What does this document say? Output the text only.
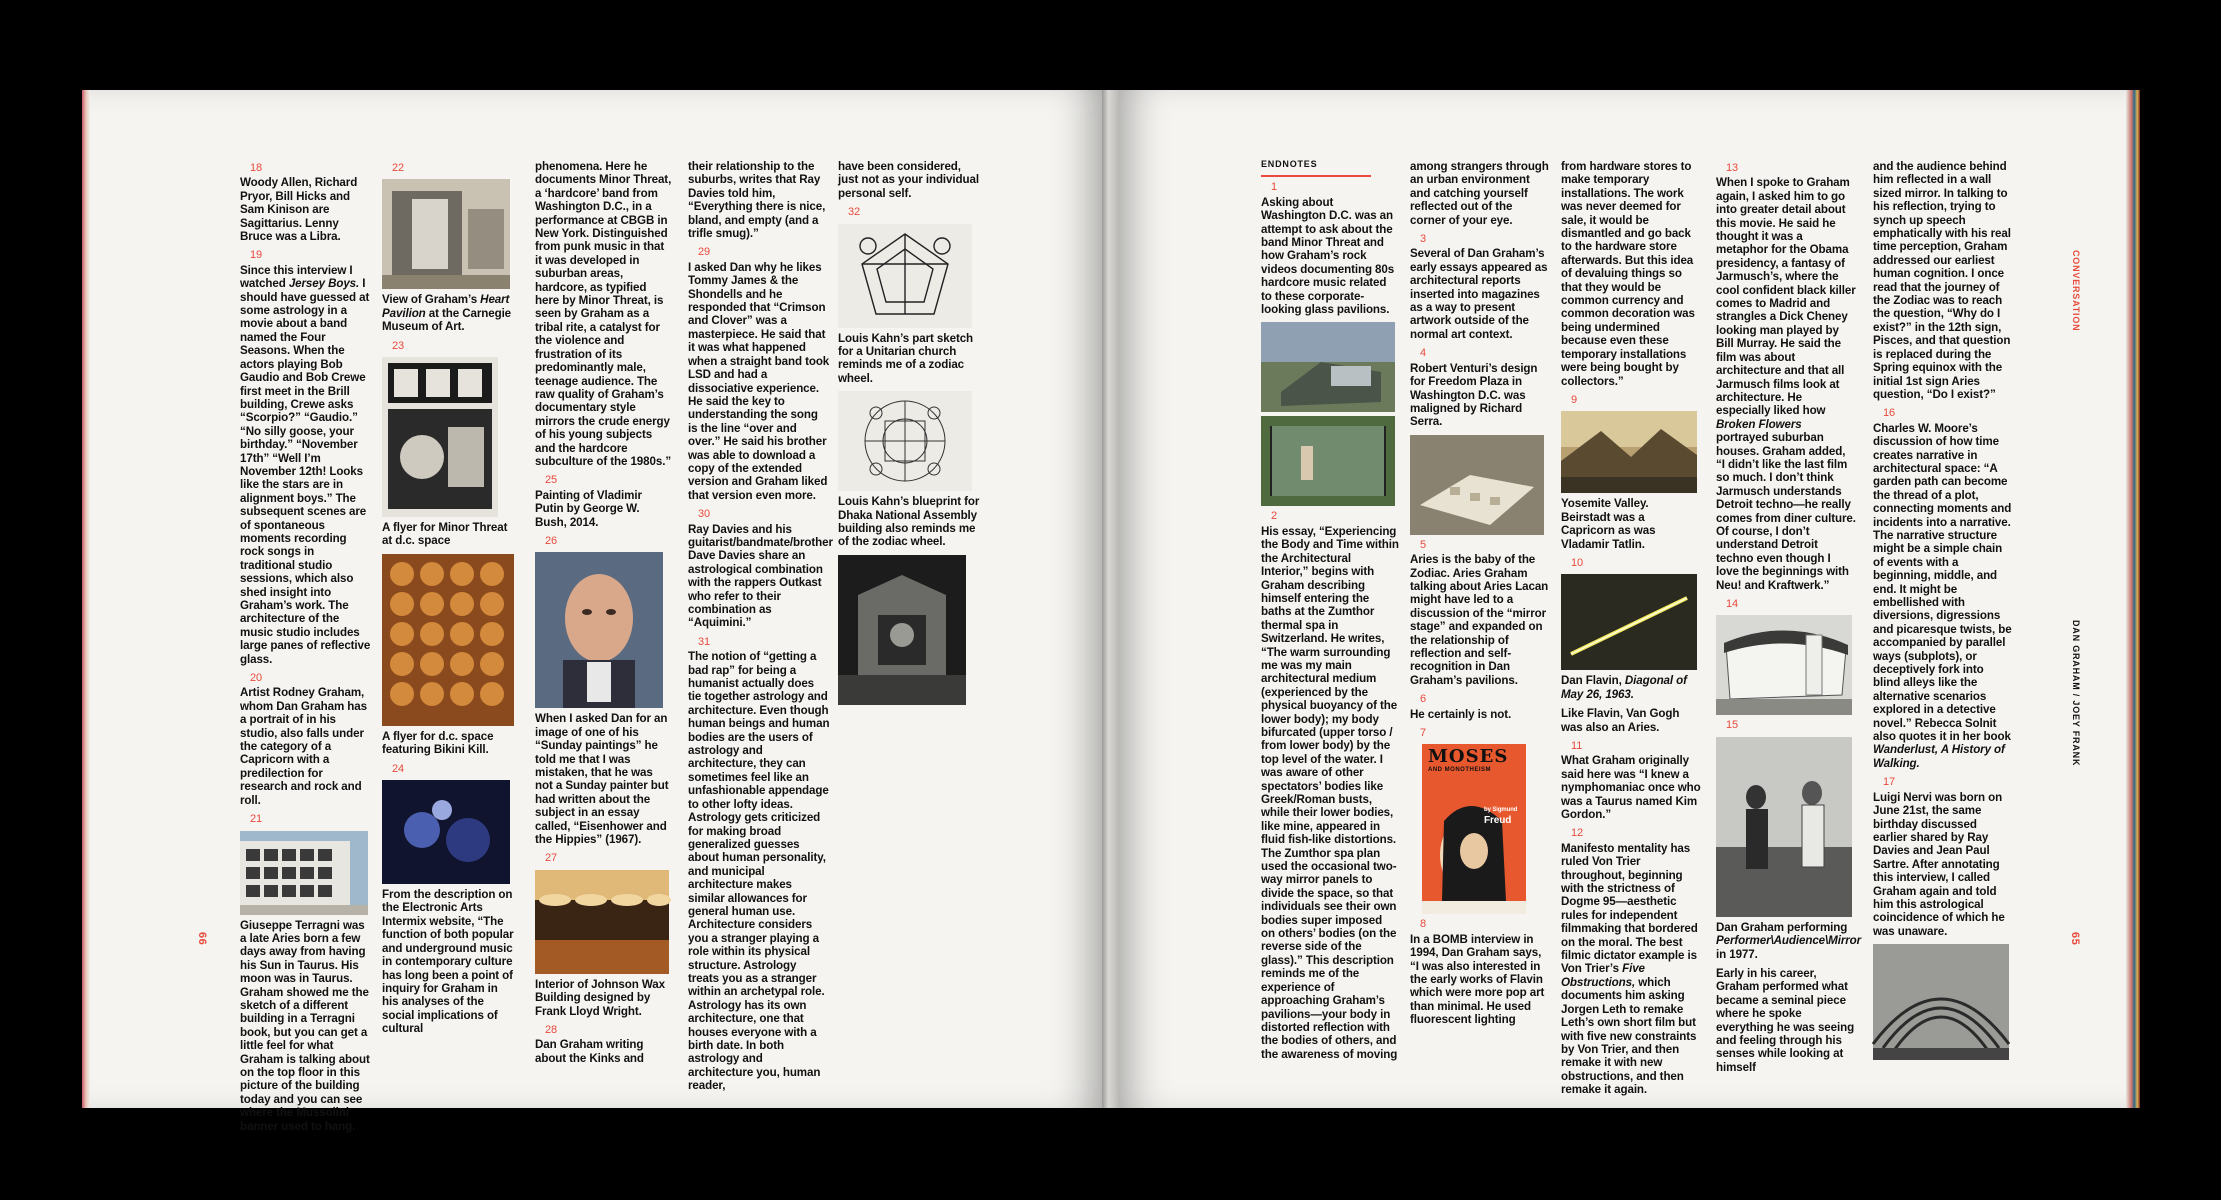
66
18

Woody Allen, Richard Pryor, Bill Hicks and Sam Kinison are Sagittarius. Lenny Bruce was a Libra.

19

Since this interview I watched Jersey Boys. I should have guessed at some astrology in a movie about a band named the Four Seasons. When the actors playing Bob Gaudio and Bob Crewe first meet in the Brill building, Crewe asks “Scorpio?” “Gaudio.” “No silly goose, your birthday.” “November 17th” “Well I’m November 12th! Looks like the stars are in alignment boys.” The subsequent scenes are of spontaneous moments recording rock songs in traditional studio sessions, which also shed insight into Graham’s work. The architecture of the music studio includes large panes of reflective glass.

20

Artist Rodney Graham, whom Dan Graham has a portrait of in his studio, also falls under the category of a Capricorn with a predilection for research and rock and roll.

21

Giuseppe Terragni was a late Aries born a few days away from having his Sun in Taurus. His moon was in Taurus. Graham showed me the sketch of a different building in a Terragni book, but you can get a little feel for what Graham is talking about on the top floor in this picture of the building today and you can see where the Mussolini banner used to hang.

22

View of Graham’s Heart Pavilion at the Carnegie Museum of Art.

23

A flyer for Minor Threat at d.c. space

A flyer for d.c. space featuring Bikini Kill.

24

From the description on the Electronic Arts Intermix website, “The function of both popular and underground music in contemporary culture has long been a point of inquiry for Graham in his analyses of the social implications of cultural

phenomena. Here he documents Minor Threat, a ‘hardcore’ band from Washington D.C., in a performance at CBGB in New York. Distinguished from punk music in that it was developed in suburban areas, hardcore, as typified here by Minor Threat, is seen by Graham as a tribal rite, a catalyst for the violence and frustration of its predominantly male, teenage audience. The raw quality of Graham’s documentary style mirrors the crude energy of his young subjects and the hardcore subculture of the 1980s.”

25

Painting of Vladimir Putin by George W. Bush, 2014.

26

When I asked Dan for an image of one of his “Sunday paintings” he told me that I was mistaken, that he was not a Sunday painter but had written about the subject in an essay called, “Eisenhower and the Hippies” (1967).

27

Interior of Johnson Wax Building designed by Frank Lloyd Wright.

28

Dan Graham writing about the Kinks and

their relationship to the suburbs, writes that Ray Davies told him, “Everything there is nice, bland, and empty (and a trifle smug).”

29

I asked Dan why he likes Tommy James & the Shondells and he responded that “Crimson and Clover” was a masterpiece. He said that it was what happened when a straight band took LSD and had a dissociative experience. He said the key to understanding the song is the line “over and over.” He said his brother was able to download a copy of the extended version and Graham liked that version even more.

30

Ray Davies and his guitarist/bandmate/brother Dave Davies share an astrological combination with the rappers Outkast who refer to their combination as “Aquimini.”

31

The notion of “getting a bad rap” for being a humanist actually does tie together astrology and architecture. Even though human beings and human bodies are the users of astrology and architecture, they can sometimes feel like an unfashionable appendage to other lofty ideas. Astrology gets criticized for making broad generalized guesses about human personality, and municipal architecture makes similar allowances for general human use. Architecture considers you a stranger playing a role within its physical structure. Astrology treats you as a stranger within an archetypal role. Astrology has its own architecture, one that houses everyone with a birth date. In both astrology and architecture you, human reader,

have been considered, just not as your individual personal self.

32

Louis Kahn’s part sketch for a Unitarian church reminds me of a zodiac wheel.

Louis Kahn’s blueprint for Dhaka National Assembly building also reminds me of the zodiac wheel.

CONVERSATION
DAN GRAHAM / JOEY FRANK
65
ENDNOTES
1

Asking about Washington D.C. was an attempt to ask about the band Minor Threat and how Graham’s rock videos documenting 80s hardcore music related to these corporate-looking glass pavilions.

2

His essay, “Experiencing the Body and Time within the Architectural Interior,” begins with Graham describing himself entering the baths at the Zumthor thermal spa in Switzerland. He writes, “The warm surrounding me was my main architectural medium (experienced by the physical buoyancy of the lower body); my body bifurcated (upper torso / from lower body) by the top level of the water. I was aware of other spectators’ bodies like Greek/Roman busts, while their lower bodies, like mine, appeared in fluid fish-like distortions. The Zumthor spa plan used the occasional two-way mirror panels to divide the space, so that individuals see their own bodies super imposed on others’ bodies (on the reverse side of the glass).” This description reminds me of the experience of approaching Graham’s pavilions—your body in distorted reflection with the bodies of others, and the awareness of moving

among strangers through an urban environment and catching yourself reflected out of the corner of your eye.

3

Several of Dan Graham’s early essays appeared as architectural reports inserted into magazines as a way to present artwork outside of the normal art context.

4

Robert Venturi’s design for Freedom Plaza in Washington D.C. was maligned by Richard Serra.

5

Aries is the baby of the Zodiac. Aries Graham talking about Aries Lacan might have led to a discussion of the “mirror stage” and expanded on the relationship of reflection and self-recognition in Dan Graham’s pavilions.

6

He certainly is not.

7
MOSES
AND MONOTHEISM
by Sigmund
Freud
8

In a BOMB interview in 1994, Dan Graham says, “I was also interested in the early works of Flavin which were more pop art than minimal. He used fluorescent lighting

from hardware stores to make temporary installations. The work was never deemed for sale, it would be dismantled and go back to the hardware store afterwards. But this idea of devaluing things so that they would be common currency and common decoration was being undermined because even these temporary installations were being bought by collectors.”

9

Yosemite Valley. Beirstadt was a Capricorn as was Vladamir Tatlin.

10

Dan Flavin, Diagonal of May 26, 1963.

Like Flavin, Van Gogh was also an Aries.

11

What Graham originally said here was “I knew a nymphomaniac once who was a Taurus named Kim Gordon.”

12

Manifesto mentality has ruled Von Trier throughout, beginning with the strictness of Dogme 95—aesthetic rules for independent filmmaking that bordered on the moral. The best filmic dictator example is Von Trier’s Five Obstructions, which documents him asking Jorgen Leth to remake Leth’s own short film but with five new constraints by Von Trier, and then remake it with new obstructions, and then remake it again.

13

When I spoke to Graham again, I asked him to go into greater detail about this movie. He said he thought it was a metaphor for the Obama presidency, a fantasy of Jarmusch’s, where the cool confident black killer comes to Madrid and strangles a Dick Cheney looking man played by Bill Murray. He said the film was about architecture and that all Jarmusch films look at architecture. He especially liked how Broken Flowers portrayed suburban houses. Graham added, “I didn’t like the last film so much. I don’t think Jarmusch understands Detroit techno—he really comes from diner culture. Of course, I don’t understand Detroit techno even though I love the beginnings with Neu! and Kraftwerk.”

14
15

Dan Graham performing Performer\Audience\Mirror in 1977.

Early in his career, Graham performed what became a seminal piece where he spoke everything he was seeing and feeling through his senses while looking at himself

and the audience behind him reflected in a wall sized mirror. In talking to his reflection, trying to synch up speech emphatically with his real time perception, Graham addressed our earliest human cognition. I once read that the journey of the Zodiac was to reach the question, “Why do I exist?” in the 12th sign, Pisces, and that question is replaced during the Spring equinox with the initial 1st sign Aries question, “Do I exist?”

16

Charles W. Moore’s discussion of how time creates narrative in architectural space: “A garden path can become the thread of a plot, connecting moments and incidents into a narrative. The narrative structure might be a simple chain of events with a beginning, middle, and end. It might be embellished with diversions, digressions and picaresque twists, be accompanied by parallel ways (subplots), or deceptively fork into blind alleys like the alternative scenarios explored in a detective novel.” Rebecca Solnit also quotes it in her book Wanderlust, A History of Walking.

17

Luigi Nervi was born on June 21st, the same birthday discussed earlier shared by Ray Davies and Jean Paul Sartre. After annotating this interview, I called Graham again and told him this astrological coincidence of which he was unaware.
